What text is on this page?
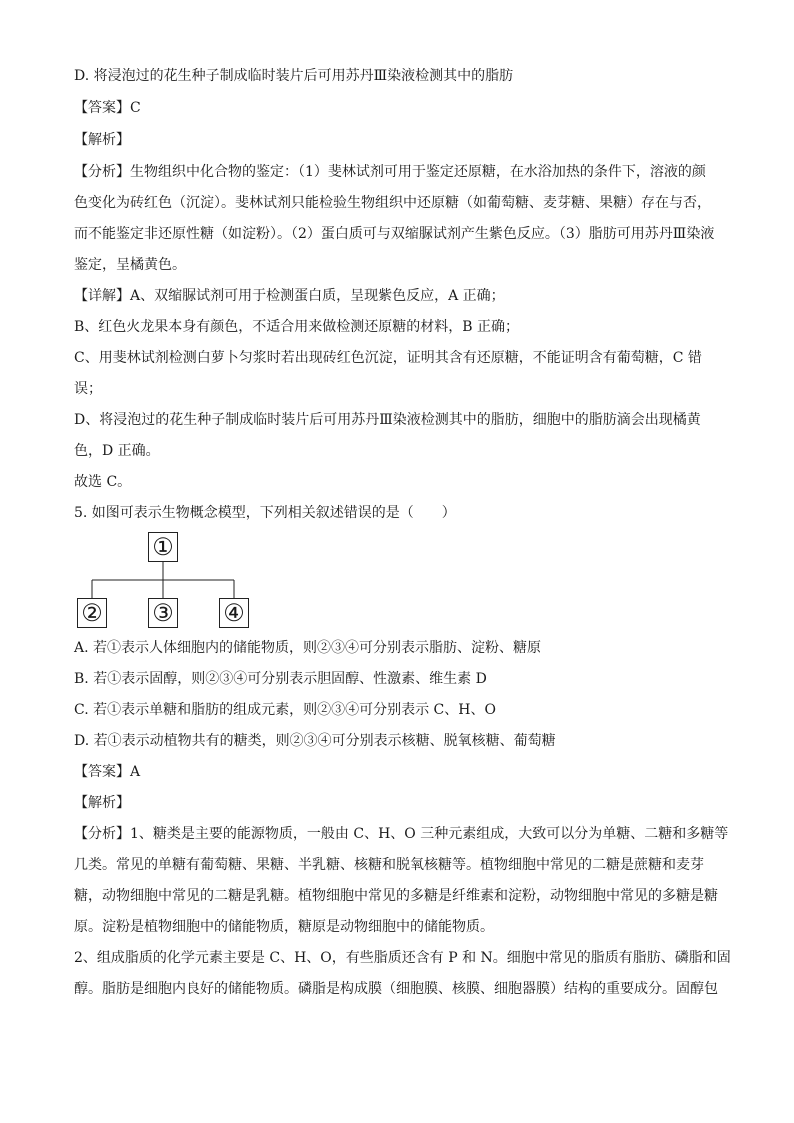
D. 将浸泡过的花生种子制成临时装片后可用苏丹Ⅲ染液检测其中的脂肪
【答案】C
【解析】
【分析】生物组织中化合物的鉴定：（1）斐林试剂可用于鉴定还原糖，在水浴加热的条件下，溶液的颜
色变化为砖红色（沉淀）。斐林试剂只能检验生物组织中还原糖（如葡萄糖、麦芽糖、果糖）存在与否，
而不能鉴定非还原性糖（如淀粉）。（2）蛋白质可与双缩脲试剂产生紫色反应。（3）脂肪可用苏丹Ⅲ染液
鉴定，呈橘黄色。
【详解】A、双缩脲试剂可用于检测蛋白质，呈现紫色反应，A 正确；
B、红色火龙果本身有颜色，不适合用来做检测还原糖的材料，B 正确；
C、用斐林试剂检测白萝卜匀浆时若出现砖红色沉淀，证明其含有还原糖，不能证明含有葡萄糖，C 错
误；
D、将浸泡过的花生种子制成临时装片后可用苏丹Ⅲ染液检测其中的脂肪，细胞中的脂肪滴会出现橘黄
色，D 正确。
故选 C。
5. 如图可表示生物概念模型，下列相关叙述错误的是（　　）
①
② ③ ④
A. 若①表示人体细胞内的储能物质，则②③④可分别表示脂肪、淀粉、糖原
B. 若①表示固醇，则②③④可分别表示胆固醇、性激素、维生素 D
C. 若①表示单糖和脂肪的组成元素，则②③④可分别表示 C、H、O
D. 若①表示动植物共有的糖类，则②③④可分别表示核糖、脱氧核糖、葡萄糖
【答案】A
【解析】
【分析】1、糖类是主要的能源物质，一般由 C、H、O 三种元素组成，大致可以分为单糖、二糖和多糖等
几类。常见的单糖有葡萄糖、果糖、半乳糖、核糖和脱氧核糖等。植物细胞中常见的二糖是蔗糖和麦芽
糖，动物细胞中常见的二糖是乳糖。植物细胞中常见的多糖是纤维素和淀粉，动物细胞中常见的多糖是糖
原。淀粉是植物细胞中的储能物质，糖原是动物细胞中的储能物质。
2、组成脂质的化学元素主要是 C、H、O，有些脂质还含有 P 和 N。细胞中常见的脂质有脂肪、磷脂和固
醇。脂肪是细胞内良好的储能物质。磷脂是构成膜（细胞膜、核膜、细胞器膜）结构的重要成分。固醇包
